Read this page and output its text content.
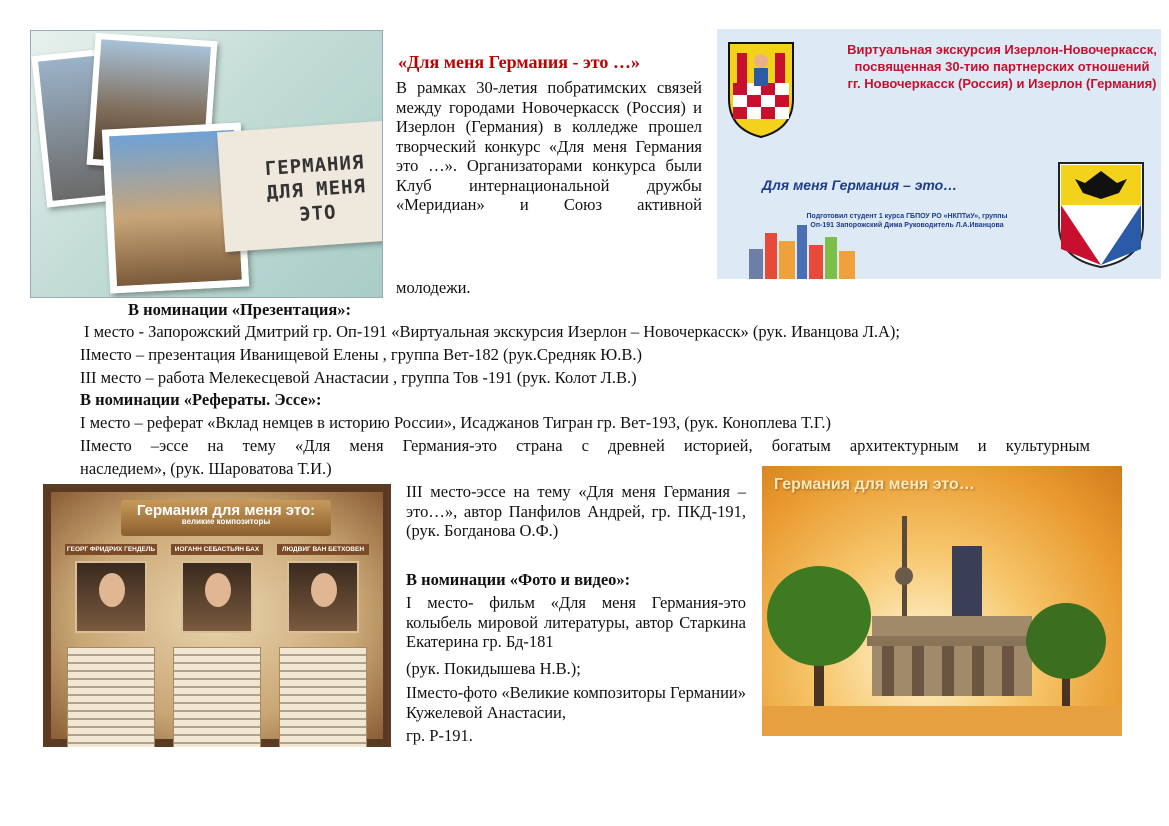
ГЕРМАНИЯ ДЛЯ МЕНЯ ЭТО
«Для меня Германия - это …»
В рамках 30-летия побратимских связей между городами Новочеркасск (Россия) и Изерлон (Германия) в колледже прошел творческий конкурс «Для меня Германия это …». Организаторами конкурса были Клуб интернациональной дружбы «Меридиан» и Союз активной
молодежи.
Виртуальная экскурсия Изерлон-Новочеркасск, посвященная 30-тию партнерских отношений гг. Новочеркасск (Россия) и Изерлон (Германия)
Для меня Германия – это…
Подготовил студент 1 курса ГБПОУ РО «НКПТиУ», группы Оп-191 Запорожский Дима Руководитель Л.А.Иванцова
В номинации «Презентация»:
I место - Запорожский Дмитрий гр. Оп-191 «Виртуальная экскурсия Изерлон – Новочеркасск» (рук. Иванцова Л.А);
IIместо – презентация Иванищевой Елены , группа Вет-182 (рук.Средняк Ю.В.)
III место – работа Мелекесцевой Анастасии , группа Тов -191 (рук. Колот Л.В.)
В номинации «Рефераты. Эссе»:
I место – реферат «Вклад немцев в историю России», Исаджанов Тигран гр. Вет-193, (рук. Коноплева Т.Г.)
IIместо –эссе на тему «Для меня Германия-это страна с древней историей, богатым архитектурным и культурным
наследием», (рук. Шароватова Т.И.)
Германия для меня это:
великие композиторы
ГЕОРГ ФРИДРИХ ГЕНДЕЛЬ	ИОГАНН СЕБАСТЬЯН БАХ	ЛЮДВИГ ВАН БЕТХОВЕН
III место-эссе на тему «Для меня Германия –это…», автор Панфилов Андрей, гр. ПКД-191, (рук. Богданова О.Ф.)
В номинации «Фото и видео»:
I место- фильм «Для меня Германия-это колыбель мировой литературы, автор Старкина Екатерина гр. Бд-181
(рук. Покидышева Н.В.);
IIместо-фото «Великие композиторы Германии» Кужелевой Анастасии,
гр. Р-191.
Германия для меня это…
